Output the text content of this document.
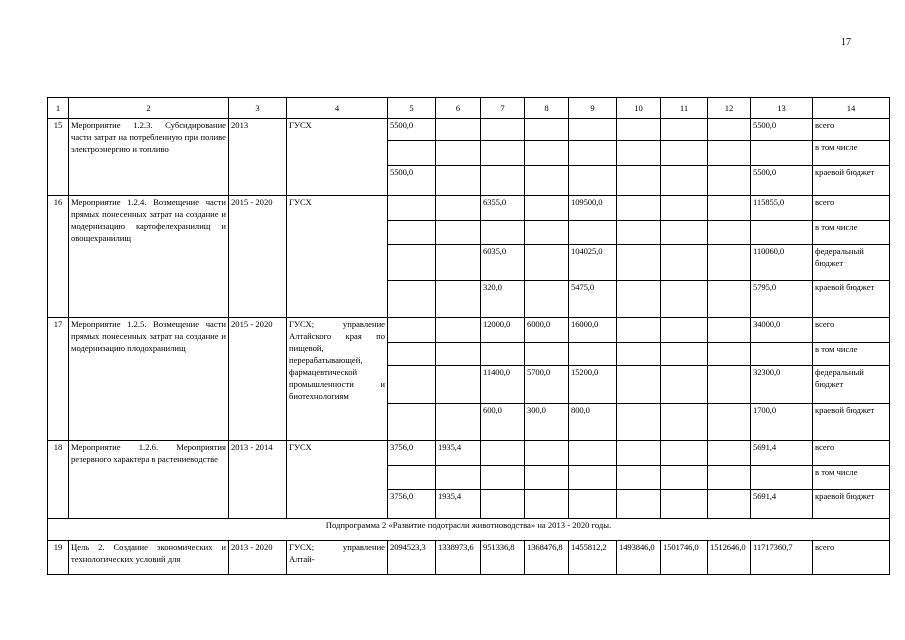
17
1	2	3	4	5	6	7	8	9	10	11	12	13	14
15	Мероприятие 1.2.3. Субсидирование части затрат на потребленную при поливе электроэнергию и топливо	2013	ГУСХ	5500,0								5500,0	всего
													в том числе
				5500,0								5500,0	краевой бюджет
16	Мероприятие 1.2.4. Возмещение части прямых понесенных затрат на создание и модернизацию картофелехранилищ и овощехранилищ	2015 - 2020	ГУСХ			6355,0		109500,0				115855,0	всего
													в том числе
						6035,0		104025,0				110060,0	федеральный бюджет
						320,0		5475,0				5795,0	краевой бюджет
17	Мероприятие 1.2.5. Возмещение части прямых понесенных затрат на создание и модернизацию плодохранилищ	2015 - 2020	ГУСХ; управление Алтайского края по пищевой, перерабатывающей, фармацевтической промышленности и биотехнологиям			12000,0	6000,0	16000,0				34000,0	всего
													в том числе
						11400,0	5700,0	15200,0				32300,0	федеральный бюджет
						600,0	300,0	800,0				1700,0	краевой бюджет
18	Мероприятие 1.2.6. Мероприятия резервного характера в растениеводстве	2013 - 2014	ГУСХ	3756,0	1935,4							5691,4	всего
													в том числе
				3756,0	1935,4							5691,4	краевой бюджет
Подпрограмма 2 «Развитие подотрасли животноводства» на 2013 - 2020 годы.													
19	Цель 2. Создание экономических и технологических условий для	2013 - 2020	ГУСХ; управление Алтай-	2094523,3	1338973,6	951336,8	1368476,8	1455812,2	1493846,0	1501746,0	1512646,0	11717360,7	всего
